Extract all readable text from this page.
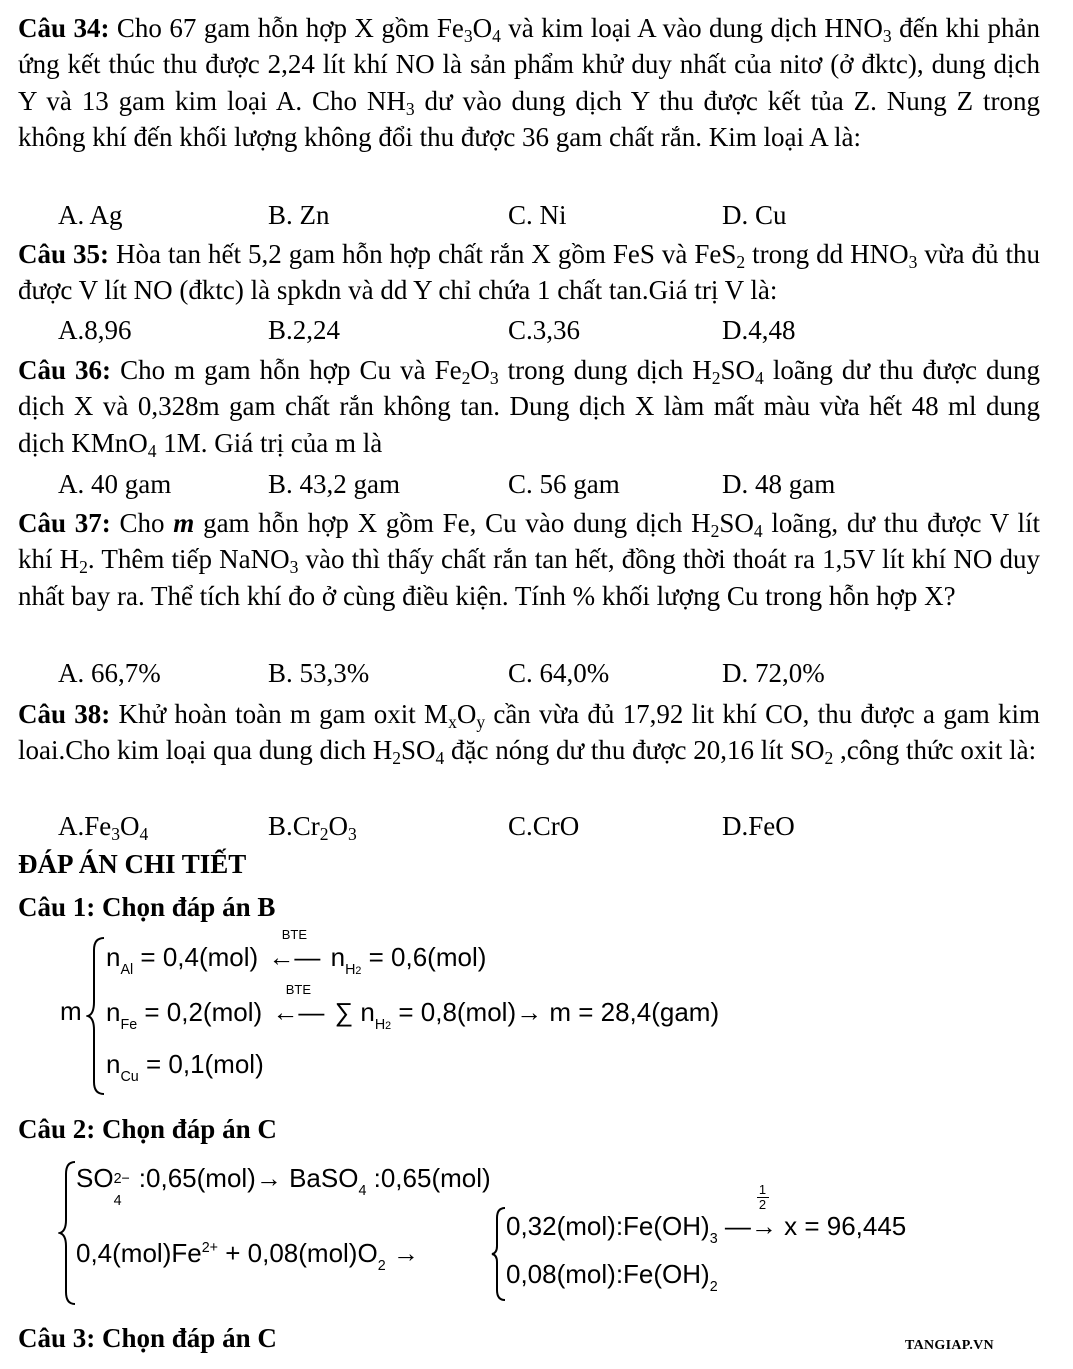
Câu 34: Cho 67 gam hỗn hợp X gồm $Fe_3O_4$ và kim loại A vào dung dịch $HNO_3$ đến khi phản ứng kết thúc thu được 2,24 lít khí NO là sản phẩm khử duy nhất của nitơ (ở đktc), dung dịch Y và 13 gam kim loại A. Cho $NH_3$ dư vào dung dịch Y thu được kết tủa Z. Nung Z trong không khí đến khối lượng không đổi thu được 36 gam chất rắn. Kim loại A là:
A. Ag	B. Zn	C. Ni	D. Cu
Câu 35: Hòa tan hết 5,2 gam hỗn hợp chất rắn X gồm FeS và FeS$_2$ trong dd $HNO_3$ vừa đủ thu được V lít NO (đktc) là spkdn và dd Y chỉ chứa 1 chất tan.Giá trị V là:
A.8,96	B.2,24	C.3,36	D.4,48
Câu 36: Cho m gam hỗn hợp Cu và $Fe_2O_3$ trong dung dịch $H_2SO_4$ loãng dư thu được dung dịch X và 0,328m gam chất rắn không tan. Dung dịch X làm mất màu vừa hết 48 ml dung dịch KMnO$_4$ 1M. Giá trị của m là
A. 40 gam	B. 43,2 gam	C. 56 gam	D. 48 gam
Câu 37: Cho m gam hỗn hợp X gồm Fe, Cu vào dung dịch $H_2SO_4$ loãng, dư thu được V lít khí $H_2$. Thêm tiếp NaNO$_3$ vào thì thấy chất rắn tan hết, đồng thời thoát ra 1,5V lít khí NO duy nhất bay ra. Thể tích khí đo ở cùng điều kiện. Tính % khối lượng Cu trong hỗn hợp X?
A. 66,7%	B. 53,3%	C. 64,0%	D. 72,0%
Câu 38: Khử hoàn toàn m gam oxit $M_xO_y$ cần vừa đủ 17,92 lit khí CO, thu được a gam kim loai.Cho kim loại qua dung dich $H_2SO_4$ đặc nóng dư thu được 20,16 lít $SO_2$ ,công thức oxit là:
$A.Fe_3O_4$	$B.Cr_2O_3$	C.CrO	D.FeO
ĐÁP ÁN CHI TIẾT
Câu 1: Chọn đáp án B
m
$n_{Al} = 0,4(mol)$
BTE
←— $n_{H2} = 0,6(mol)$
$n_{Fe} = 0,2(mol)$
BTE
←— ∑ $n_{H2} = 0,8(mol)\to m = 28,4(gam)$
$n_{Cu} = 0,1(mol)$
Câu 2: Chọn đáp án C
SO 2−
4
:0,65(mol)→ BaSO$_4$ :0,65(mol)
$0,4(mol)Fe^{2+} + 0,08(mol)O_2$ →
$0,32(mol):Fe(OH)_3$ —
1
2
→ x = 96,445
$0,08(mol):Fe(OH)_2$
Câu 3: Chọn đáp án C	TANGIAP.VN
